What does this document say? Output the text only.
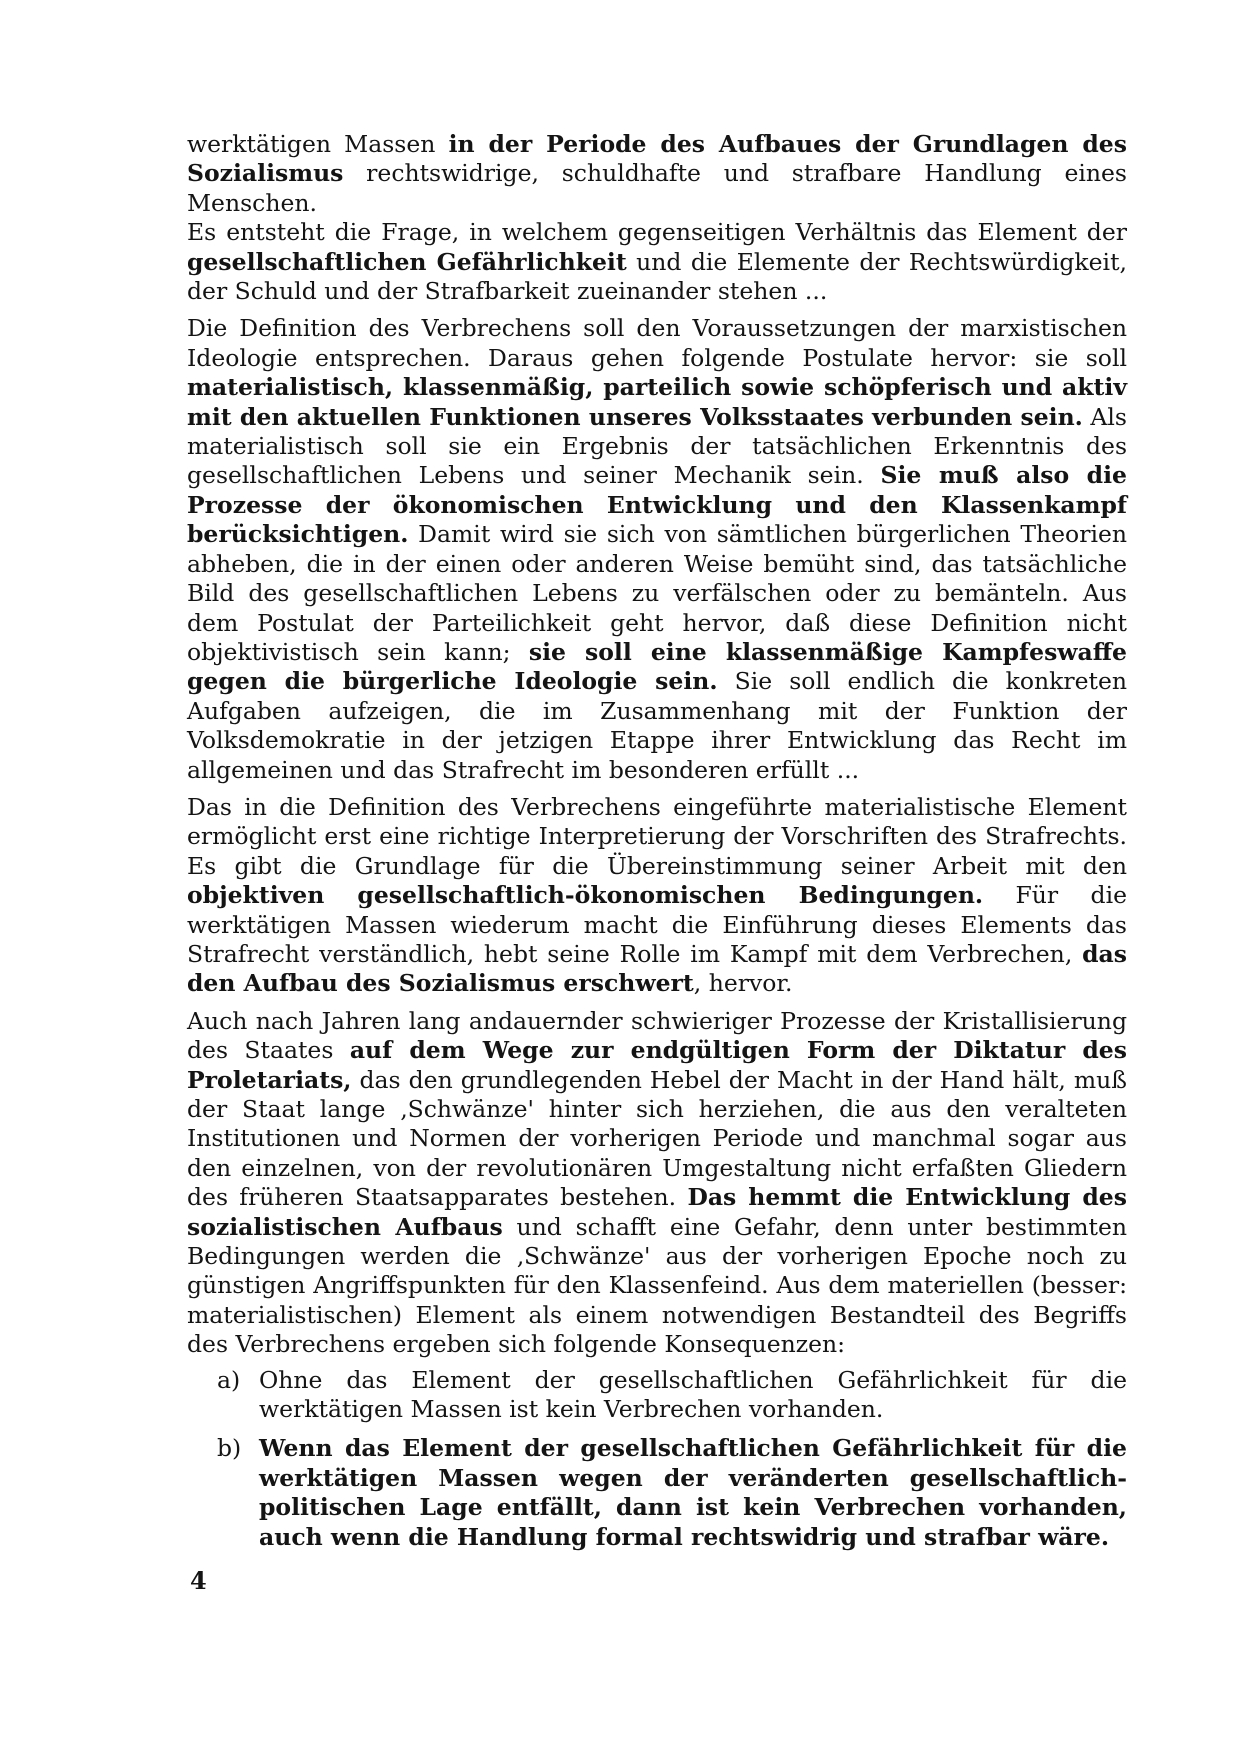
werktätigen Massen in der Periode des Aufbaues der Grundlagen des Sozialismus rechtswidrige, schuldhafte und strafbare Handlung eines Menschen.

Es entsteht die Frage, in welchem gegenseitigen Verhältnis das Element der gesellschaftlichen Gefährlichkeit und die Elemente der Rechtswürdigkeit, der Schuld und der Strafbarkeit zueinander stehen ...

Die Definition des Verbrechens soll den Voraussetzungen der marxistischen Ideologie entsprechen. Daraus gehen folgende Postulate hervor: sie soll materialistisch, klassenmäßig, parteilich sowie schöpferisch und aktiv mit den aktuellen Funktionen unseres Volksstaates verbunden sein. Als materialistisch soll sie ein Ergebnis der tatsächlichen Erkenntnis des gesellschaftlichen Lebens und seiner Mechanik sein. Sie muß also die Prozesse der ökonomischen Entwicklung und den Klassenkampf berücksichtigen. Damit wird sie sich von sämtlichen bürgerlichen Theorien abheben, die in der einen oder anderen Weise bemüht sind, das tatsächliche Bild des gesellschaftlichen Lebens zu verfälschen oder zu bemänteln. Aus dem Postulat der Parteilichkeit geht hervor, daß diese Definition nicht objektivistisch sein kann; sie soll eine klassenmäßige Kampfeswaffe gegen die bürgerliche Ideologie sein. Sie soll endlich die konkreten Aufgaben aufzeigen, die im Zusammenhang mit der Funktion der Volksdemokratie in der jetzigen Etappe ihrer Entwicklung das Recht im allgemeinen und das Strafrecht im besonderen erfüllt ...

Das in die Definition des Verbrechens eingeführte materialistische Element ermöglicht erst eine richtige Interpretierung der Vorschriften des Strafrechts. Es gibt die Grundlage für die Übereinstimmung seiner Arbeit mit den objektiven gesellschaftlich-ökonomischen Bedingungen. Für die werktätigen Massen wiederum macht die Einführung dieses Elements das Strafrecht verständlich, hebt seine Rolle im Kampf mit dem Verbrechen, das den Aufbau des Sozialismus erschwert, hervor.

Auch nach Jahren lang andauernder schwieriger Prozesse der Kristallisierung des Staates auf dem Wege zur endgültigen Form der Diktatur des Proletariats, das den grundlegenden Hebel der Macht in der Hand hält, muß der Staat lange ‚Schwänze' hinter sich herziehen, die aus den veralteten Institutionen und Normen der vorherigen Periode und manchmal sogar aus den einzelnen, von der revolutionären Umgestaltung nicht erfaßten Gliedern des früheren Staatsapparates bestehen. Das hemmt die Entwicklung des sozialistischen Aufbaus und schafft eine Gefahr, denn unter bestimmten Bedingungen werden die ‚Schwänze' aus der vorherigen Epoche noch zu günstigen Angriffspunkten für den Klassenfeind. Aus dem materiellen (besser: materialistischen) Element als einem notwendigen Bestandteil des Begriffs des Verbrechens ergeben sich folgende Konsequenzen:

a) Ohne das Element der gesellschaftlichen Gefährlichkeit für die werktätigen Massen ist kein Verbrechen vorhanden.
b) Wenn das Element der gesellschaftlichen Gefährlichkeit für die werktätigen Massen wegen der veränderten gesellschaftlich-politischen Lage entfällt, dann ist kein Verbrechen vorhanden, auch wenn die Handlung formal rechtswidrig und strafbar wäre.
4
